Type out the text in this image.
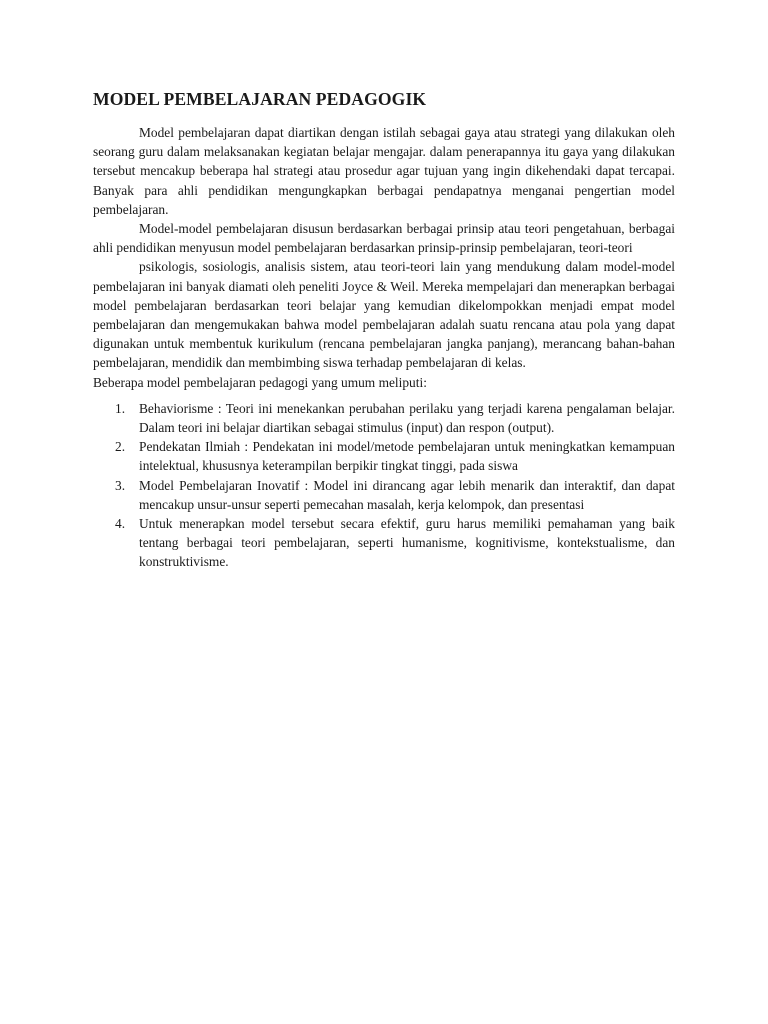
MODEL PEMBELAJARAN PEDAGOGIK

Model pembelajaran dapat diartikan dengan istilah sebagai gaya atau strategi yang dilakukan oleh seorang guru dalam melaksanakan kegiatan belajar mengajar. dalam penerapannya itu gaya yang dilakukan tersebut mencakup beberapa hal strategi atau prosedur agar tujuan yang ingin dikehendaki dapat tercapai. Banyak para ahli pendidikan mengungkapkan berbagai pendapatnya menganai pengertian model pembelajaran.

Model-model pembelajaran disusun berdasarkan berbagai prinsip atau teori pengetahuan, berbagai ahli pendidikan menyusun model pembelajaran berdasarkan prinsip-prinsip pembelajaran, teori-teori

psikologis, sosiologis, analisis sistem, atau teori-teori lain yang mendukung dalam model-model pembelajaran ini banyak diamati oleh peneliti Joyce & Weil. Mereka mempelajari dan menerapkan berbagai model pembelajaran berdasarkan teori belajar yang kemudian dikelompokkan menjadi empat model pembelajaran dan mengemukakan bahwa model pembelajaran adalah suatu rencana atau pola yang dapat digunakan untuk membentuk kurikulum (rencana pembelajaran jangka panjang), merancang bahan-bahan pembelajaran, mendidik dan membimbing siswa terhadap pembelajaran di kelas.

Beberapa model pembelajaran pedagogi yang umum meliputi:

1. Behaviorisme : Teori ini menekankan perubahan perilaku yang terjadi karena pengalaman belajar. Dalam teori ini belajar diartikan sebagai stimulus (input) dan respon (output).
2. Pendekatan Ilmiah : Pendekatan ini model/metode pembelajaran untuk meningkatkan kemampuan intelektual, khususnya keterampilan berpikir tingkat tinggi, pada siswa
3. Model Pembelajaran Inovatif : Model ini dirancang agar lebih menarik dan interaktif, dan dapat mencakup unsur-unsur seperti pemecahan masalah, kerja kelompok, dan presentasi
4. Untuk menerapkan model tersebut secara efektif, guru harus memiliki pemahaman yang baik tentang berbagai teori pembelajaran, seperti humanisme, kognitivisme, kontekstualisme, dan konstruktivisme.
